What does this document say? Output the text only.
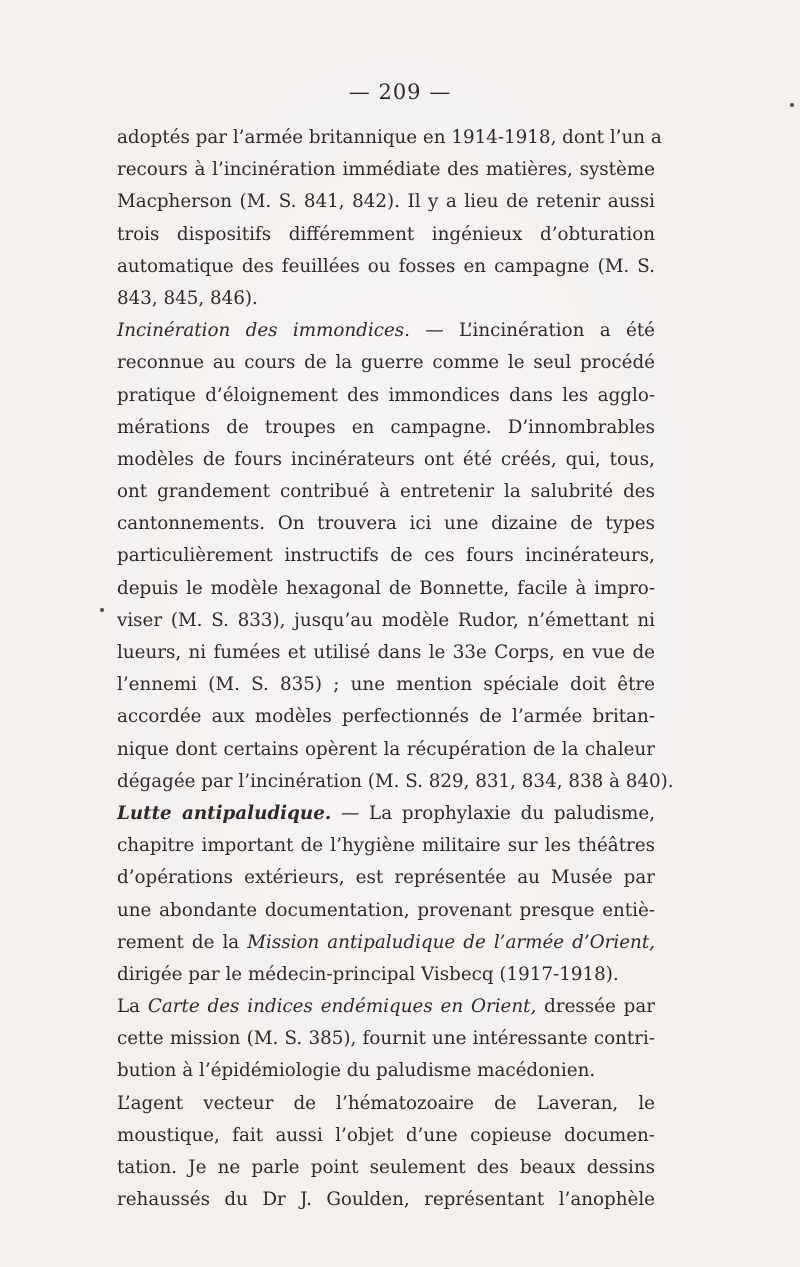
— 209 —
adoptés par l’armée britannique en 1914-1918, dont l’un a
recours à l’incinération immédiate des matières, système
Macpherson (M. S. 841, 842). Il y a lieu de retenir aussi
trois dispositifs différemment ingénieux d’obturation
automatique des feuillées ou fosses en campagne (M. S.
843, 845, 846).
Incinération des immondices. — L’incinération a été
reconnue au cours de la guerre comme le seul procédé
pratique d’éloignement des immondices dans les agglo-
mérations de troupes en campagne. D’innombrables
modèles de fours incinérateurs ont été créés, qui, tous,
ont grandement contribué à entretenir la salubrité des
cantonnements. On trouvera ici une dizaine de types
particulièrement instructifs de ces fours incinérateurs,
depuis le modèle hexagonal de Bonnette, facile à impro-
viser (M. S. 833), jusqu’au modèle Rudor, n’émettant ni
lueurs, ni fumées et utilisé dans le 33e Corps, en vue de
l’ennemi (M. S. 835) ; une mention spéciale doit être
accordée aux modèles perfectionnés de l’armée britan-
nique dont certains opèrent la récupération de la chaleur
dégagée par l’incinération (M. S. 829, 831, 834, 838 à 840).
Lutte antipaludique. — La prophylaxie du paludisme,
chapitre important de l’hygiène militaire sur les théâtres
d’opérations extérieurs, est représentée au Musée par
une abondante documentation, provenant presque entiè-
rement de la Mission antipaludique de l’armée d’Orient,
dirigée par le médecin-principal Visbecq (1917-1918).
La Carte des indices endémiques en Orient, dressée par
cette mission (M. S. 385), fournit une intéressante contri-
bution à l’épidémiologie du paludisme macédonien.
L’agent vecteur de l’hématozoaire de Laveran, le
moustique, fait aussi l’objet d’une copieuse documen-
tation. Je ne parle point seulement des beaux dessins
rehaussés du Dr J. Goulden, représentant l’anophèle
